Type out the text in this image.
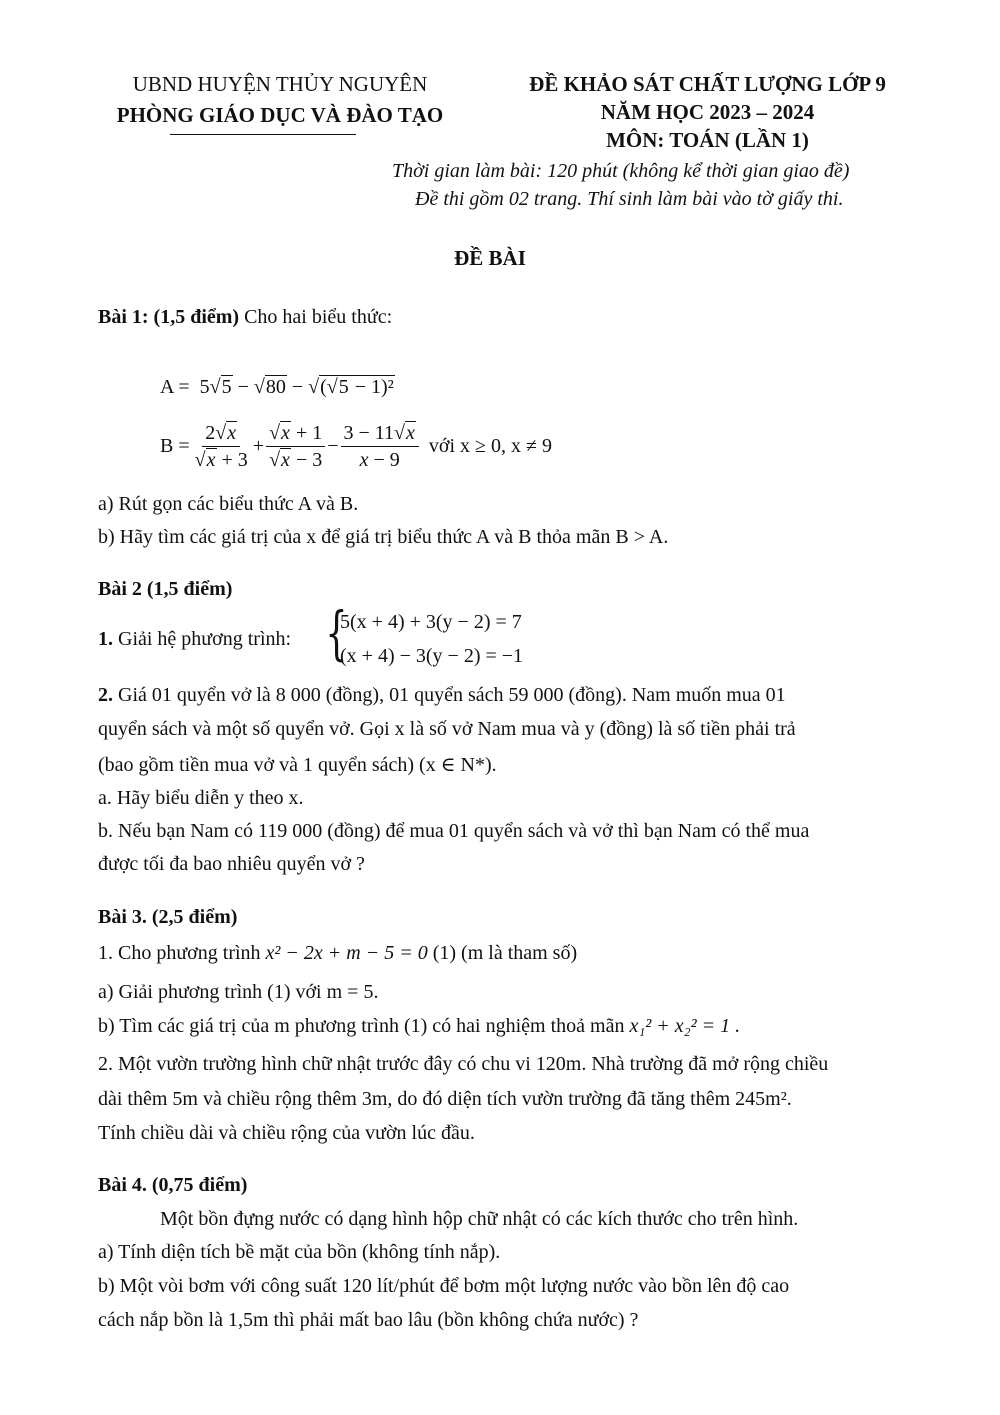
UBND HUYỆN THỦY NGUYÊN
PHÒNG GIÁO DỤC VÀ ĐÀO TẠO
ĐỀ KHẢO SÁT CHẤT LƯỢNG LỚP 9
NĂM HỌC 2023 – 2024
MÔN: TOÁN (LẦN 1)
Thời gian làm bài: 120 phút (không kể thời gian giao đề)
Đề thi gồm 02 trang. Thí sinh làm bài vào tờ giấy thi.
ĐỀ BÀI
Bài 1: (1,5 điểm) Cho hai biểu thức:
A =  5√5 − √80 − √(√5 − 1)²
$B = \frac{2√x}{√x + 3} + \frac{√x + 1}{√x - 3} - \frac{3 - 11√x}{x - 9}$ với x ≥ 0, x ≠ 9
a) Rút gọn các biểu thức A và B.
b) Hãy tìm các giá trị của x để giá trị biểu thức A và B thỏa mãn B > A.
Bài 2 (1,5 điểm)
1. Giải hệ phương trình: {
5(x + 4) + 3(y − 2) = 7
(x + 4) − 3(y − 2) = −1
2. Giá 01 quyển vở là 8 000 (đồng), 01 quyển sách 59 000 (đồng). Nam muốn mua 01
quyển sách và một số quyển vở. Gọi x là số vở Nam mua và y (đồng) là số tiền phải trả
(bao gồm tiền mua vở và 1 quyển sách) (x ∈ N*).
a. Hãy biểu diễn y theo x.
b. Nếu bạn Nam có 119 000 (đồng) để mua 01 quyển sách và vở thì bạn Nam có thể mua
được tối đa bao nhiêu quyển vở ?
Bài 3. (2,5 điểm)
1. Cho phương trình x² − 2x + m − 5 = 0 (1) (m là tham số)
a) Giải phương trình (1) với m = 5.
b) Tìm các giá trị của m phương trình (1) có hai nghiệm thoả mãn x₁² + x₂² = 1 .
2. Một vườn trường hình chữ nhật trước đây có chu vi 120m. Nhà trường đã mở rộng chiều
dài thêm 5m và chiều rộng thêm 3m, do đó diện tích vườn trường đã tăng thêm 245m².
Tính chiều dài và chiều rộng của vườn lúc đầu.
Bài 4. (0,75 điểm)
Một bồn đựng nước có dạng hình hộp chữ nhật có các kích thước cho trên hình.
a) Tính diện tích bề mặt của bồn (không tính nắp).
b) Một vòi bơm với công suất 120 lít/phút để bơm một lượng nước vào bồn lên độ cao
cách nắp bồn là 1,5m thì phải mất bao lâu (bồn không chứa nước) ?
